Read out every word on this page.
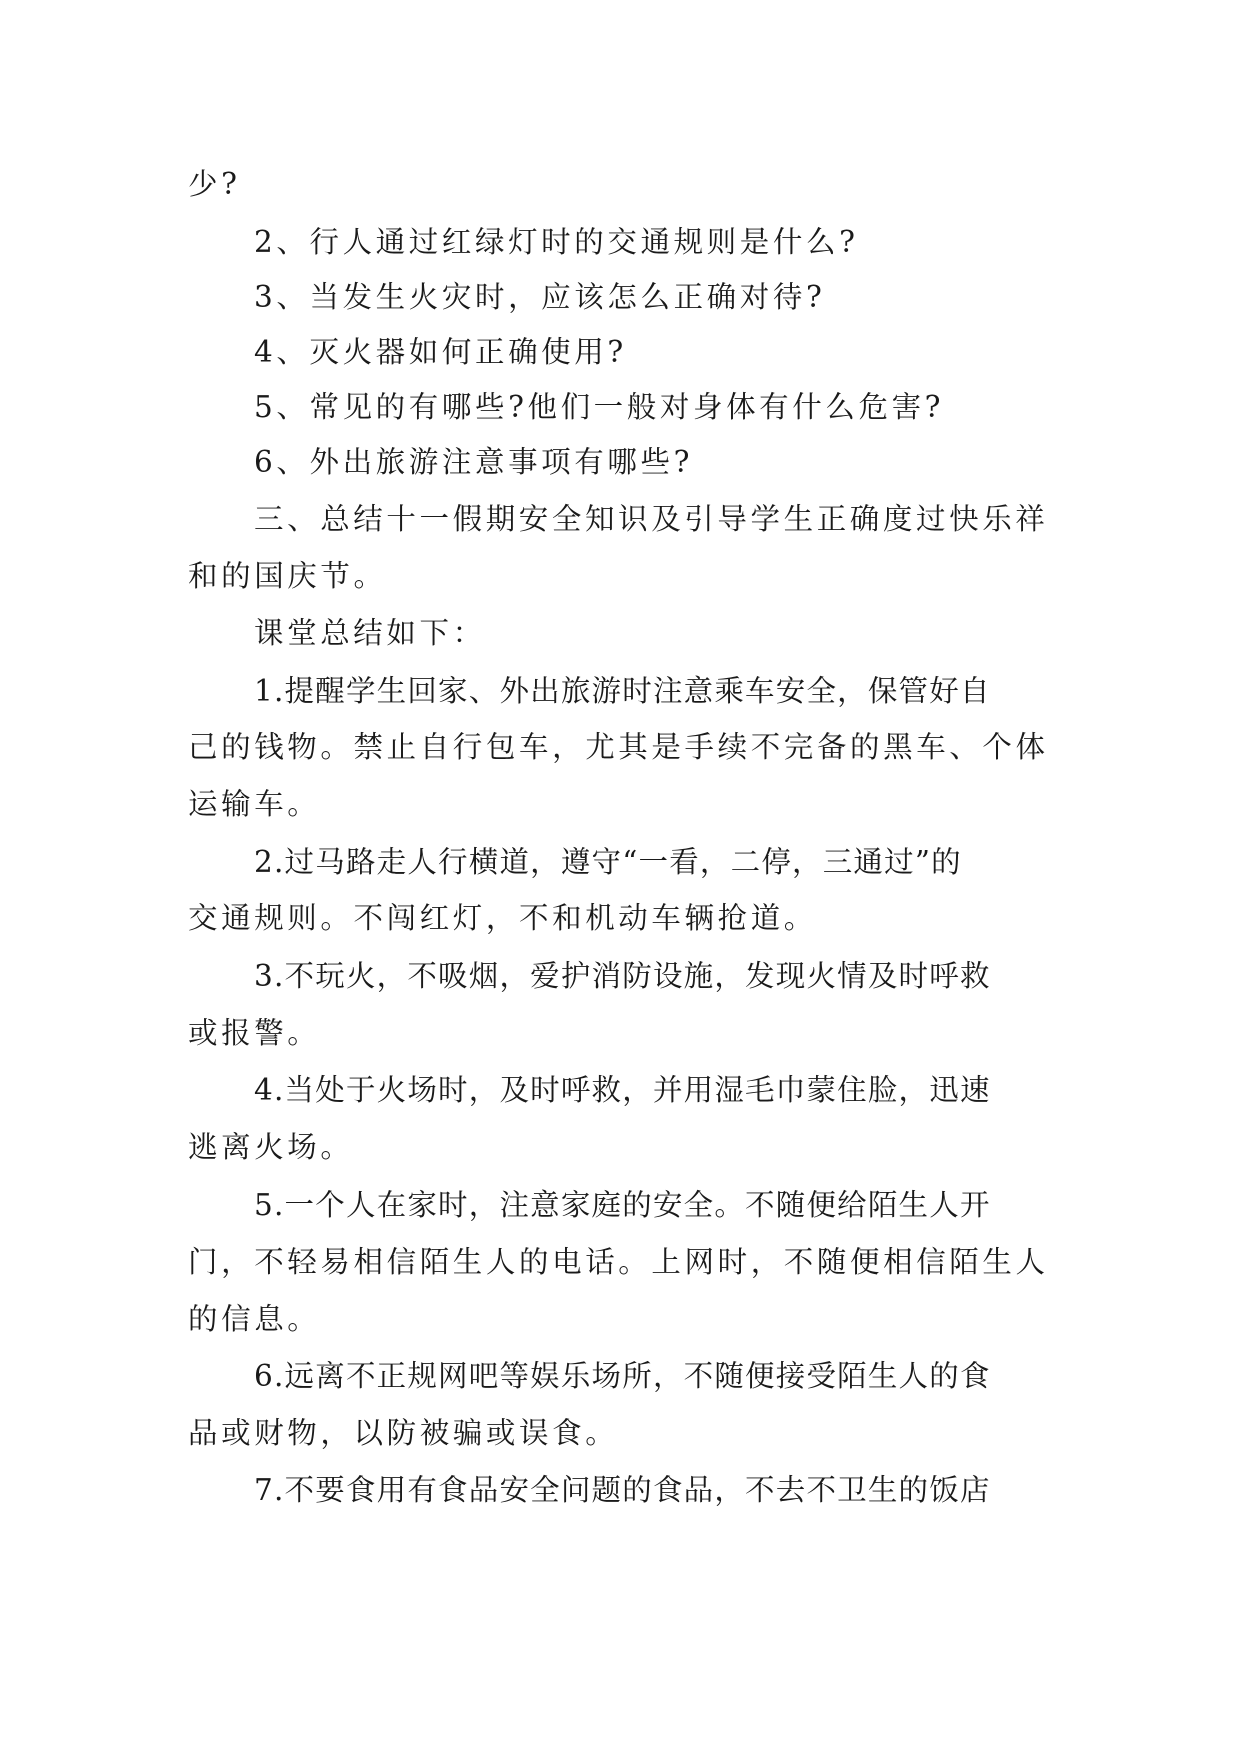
少?
2、行人通过红绿灯时的交通规则是什么?
3、当发生火灾时，应该怎么正确对待?
4、灭火器如何正确使用?
5、常见的有哪些?他们一般对身体有什么危害?
6、外出旅游注意事项有哪些?
三、总结十一假期安全知识及引导学生正确度过快乐祥
和的国庆节。
课堂总结如下：
1.提醒学生回家、外出旅游时注意乘车安全，保管好自
己的钱物。禁止自行包车，尤其是手续不完备的黑车、个体
运输车。
2.过马路走人行横道，遵守“一看，二停，三通过”的
交通规则。不闯红灯，不和机动车辆抢道。
3.不玩火，不吸烟，爱护消防设施，发现火情及时呼救
或报警。
4.当处于火场时，及时呼救，并用湿毛巾蒙住脸，迅速
逃离火场。
5.一个人在家时，注意家庭的安全。不随便给陌生人开
门，不轻易相信陌生人的电话。上网时，不随便相信陌生人
的信息。
6.远离不正规网吧等娱乐场所，不随便接受陌生人的食
品或财物，以防被骗或误食。
7.不要食用有食品安全问题的食品，不去不卫生的饭店
